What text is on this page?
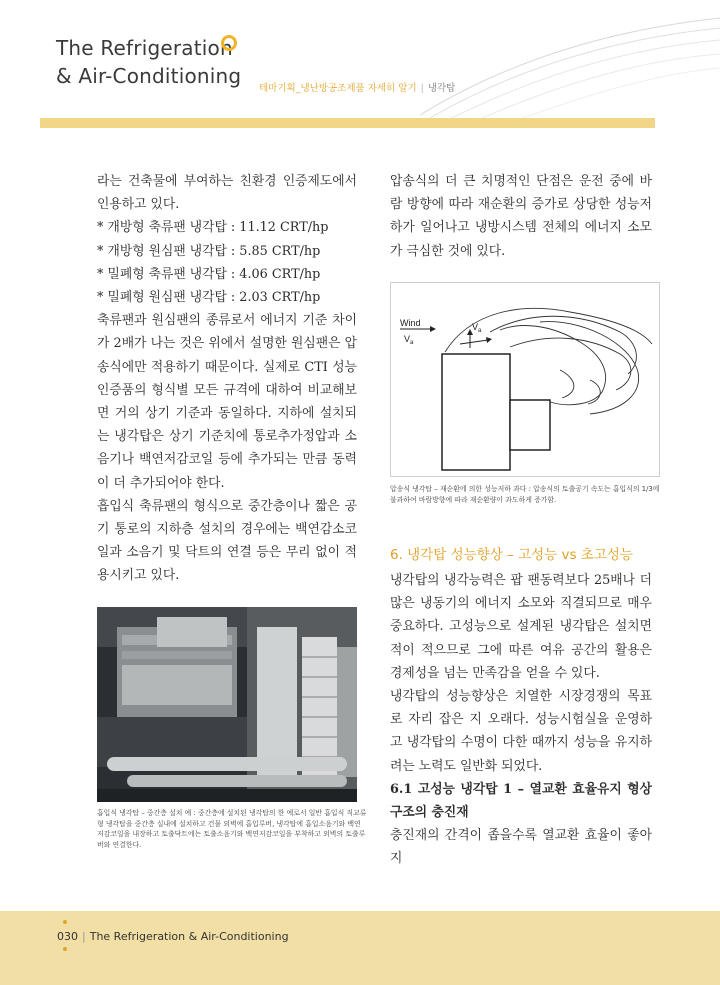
The Refrigeration
& Air-Conditioning
테마기획_냉난방공조제품 자세히 알기 | 냉각탑

라는 건축물에 부여하는 친환경 인증제도에서 인용하고 있다.

* 개방형 축류팬 냉각탑 : 11.12 CRT/hp

* 개방형 원심팬 냉각탑 : 5.85 CRT/hp

* 밀폐형 축류팬 냉각탑 : 4.06 CRT/hp

* 밀폐형 원심팬 냉각탑 : 2.03 CRT/hp

축류팬과 원심팬의 종류로서 에너지 기준 차이가 2배가 나는 것은 위에서 설명한 원심팬은 압송식에만 적용하기 때문이다. 실제로 CTI 성능인증품의 형식별 모든 규격에 대하여 비교해보면 거의 상기 기준과 동일하다. 지하에 설치되는 냉각탑은 상기 기준치에 통로추가정압과 소음기나 백연저감코일 등에 추가되는 만큼 동력이 더 추가되어야 한다.

흡입식 축류팬의 형식으로 중간층이나 짧은 공기 통로의 지하층 설치의 경우에는 백연감소코일과 소음기 및 닥트의 연결 등은 무리 없이 적용시키고 있다.

흡입식 냉각탑 – 중간층 설치 예 : 중간층에 설치된 냉각탑의 한 예로서 일반 흡입식 직교류형 냉각탑을 중간층 실내에 설치하고 건물 외벽에 흡입루버, 냉각탑에 흡입소음기와 백연저감코일을 내장하고 토출닥트에는 토출소음기와 백연저감코일을 부착하고 외벽의 토출루버와 연결한다.

압송식의 더 큰 치명적인 단점은 운전 중에 바람 방향에 따라 재순환의 증가로 상당한 성능저하가 일어나고 냉방시스템 전체의 에너지 소모가 극심한 것에 있다.

Wind
$V_a$
$V_a$
압송식 냉각탑 – 재순환에 의한 성능저하 과다 : 압송식의 토출공기 속도는 흡입식의 1/3에 불과하여 바람방향에 따라 재순환량이 과도하게 증가함.
6. 냉각탑 성능향상 – 고성능 vs 초고성능

냉각탑의 냉각능력은 팝 팬동력보다 25배나 더 많은 냉동기의 에너지 소모와 직결되므로 매우 중요하다. 고성능으로 설계된 냉각탑은 설치면적이 적으므로 그에 따른 여유 공간의 활용은 경제성을 넘는 만족감을 얻을 수 있다.

냉각탑의 성능향상은 치열한 시장경쟁의 목표로 자리 잡은 지 오래다. 성능시험실을 운영하고 냉각탑의 수명이 다한 때까지 성능을 유지하려는 노력도 일반화 되었다.

6.1 고성능 냉각탑 1 – 열교환 효율유지 형상구조의 충진재

충진재의 간격이 좁을수록 열교환 효율이 좋아지

030 | The Refrigeration & Air-Conditioning
